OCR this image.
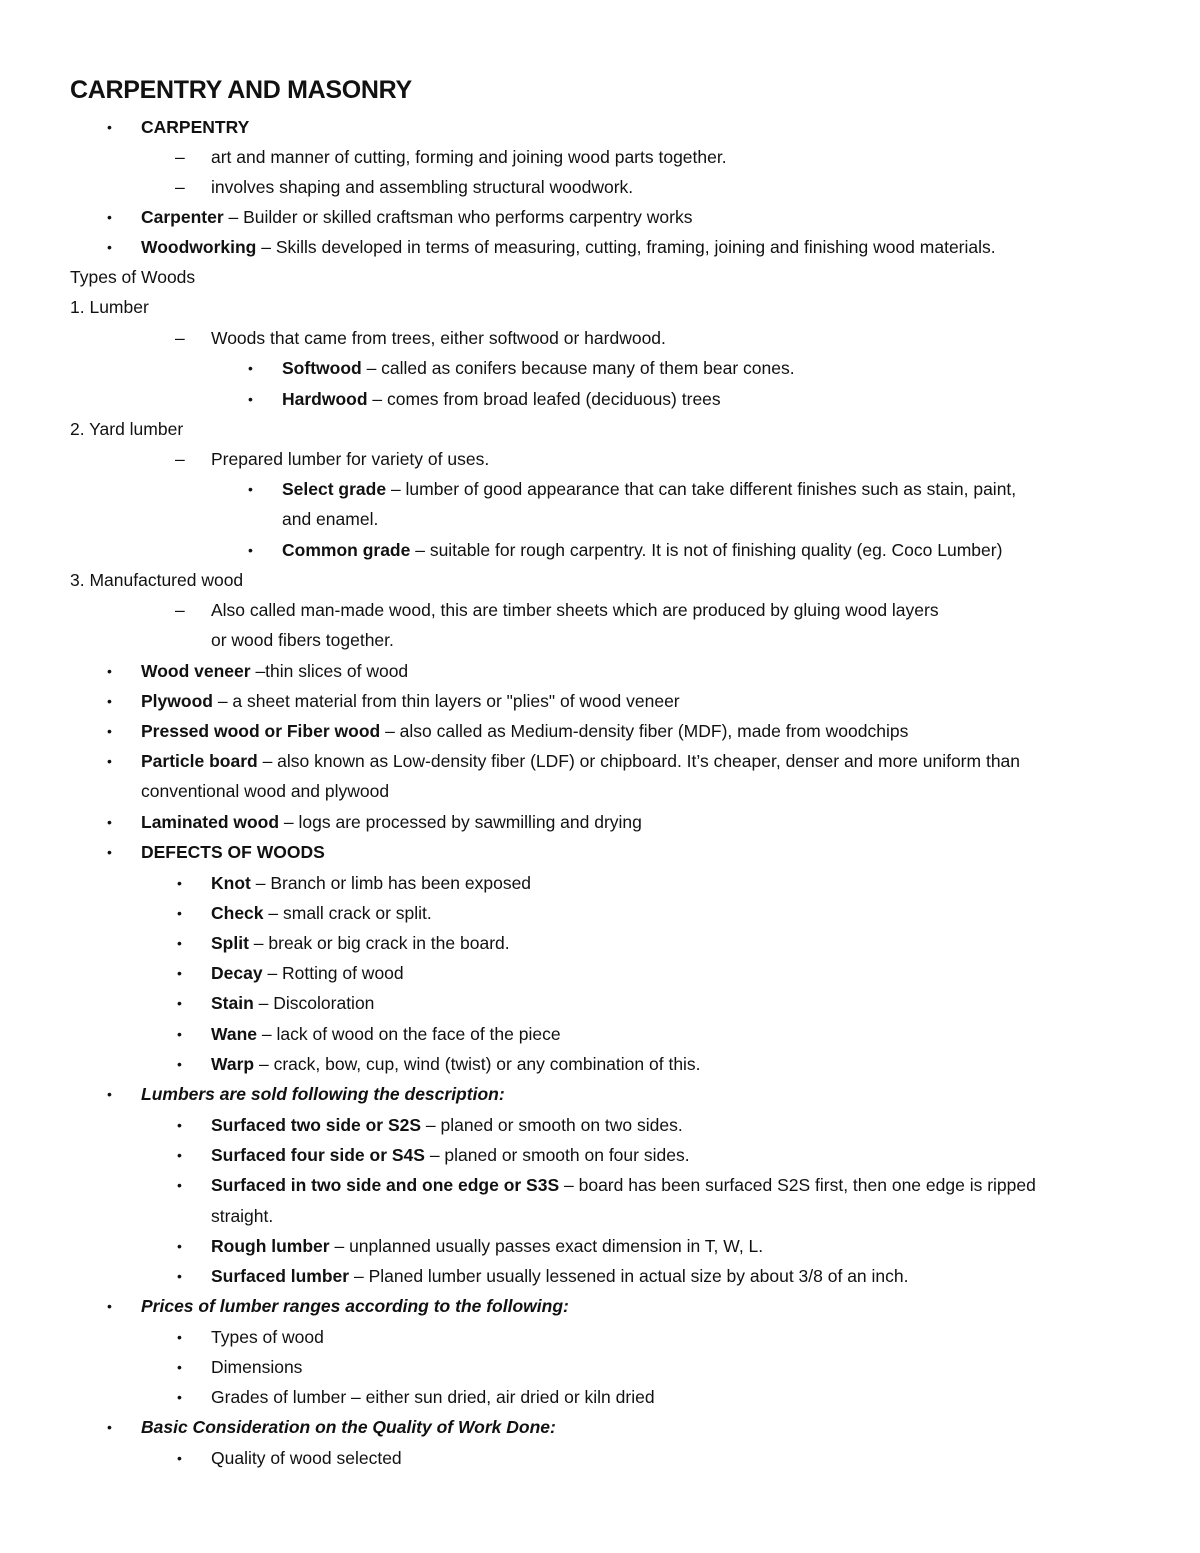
CARPENTRY AND MASONRY
• CARPENTRY
– art and manner of cutting, forming and joining wood parts together.
– involves shaping and assembling structural woodwork.
• Carpenter – Builder or skilled craftsman who performs carpentry works
• Woodworking – Skills developed in terms of measuring, cutting, framing, joining and finishing wood materials.
Types of Woods
1. Lumber
– Woods that came from trees, either softwood or hardwood.
• Softwood – called as conifers because many of them bear cones.
• Hardwood – comes from broad leafed (deciduous) trees
2. Yard lumber
– Prepared lumber for variety of uses.
• Select grade – lumber of good appearance that can take different finishes such as stain, paint,
and enamel.
• Common grade – suitable for rough carpentry. It is not of finishing quality (eg. Coco Lumber)
3. Manufactured wood
– Also called man-made wood, this are timber sheets which are produced by gluing wood layers
or wood fibers together.
• Wood veneer –thin slices of wood
• Plywood – a sheet material from thin layers or "plies" of wood veneer
• Pressed wood or Fiber wood – also called as Medium-density fiber (MDF), made from woodchips
• Particle board – also known as Low-density fiber (LDF) or chipboard. It’s cheaper, denser and more uniform than
conventional wood and plywood
• Laminated wood – logs are processed by sawmilling and drying
• DEFECTS OF WOODS
• Knot – Branch or limb has been exposed
• Check – small crack or split.
• Split – break or big crack in the board.
• Decay – Rotting of wood
• Stain – Discoloration
• Wane – lack of wood on the face of the piece
• Warp – crack, bow, cup, wind (twist) or any combination of this.
• Lumbers are sold following the description:
• Surfaced two side or S2S – planed or smooth on two sides.
• Surfaced four side or S4S – planed or smooth on four sides.
• Surfaced in two side and one edge or S3S – board has been surfaced S2S first, then one edge is ripped
straight.
• Rough lumber – unplanned usually passes exact dimension in T, W, L.
• Surfaced lumber – Planed lumber usually lessened in actual size by about 3/8 of an inch.
• Prices of lumber ranges according to the following:
• Types of wood
• Dimensions
• Grades of lumber – either sun dried, air dried or kiln dried
• Basic Consideration on the Quality of Work Done:
• Quality of wood selected
